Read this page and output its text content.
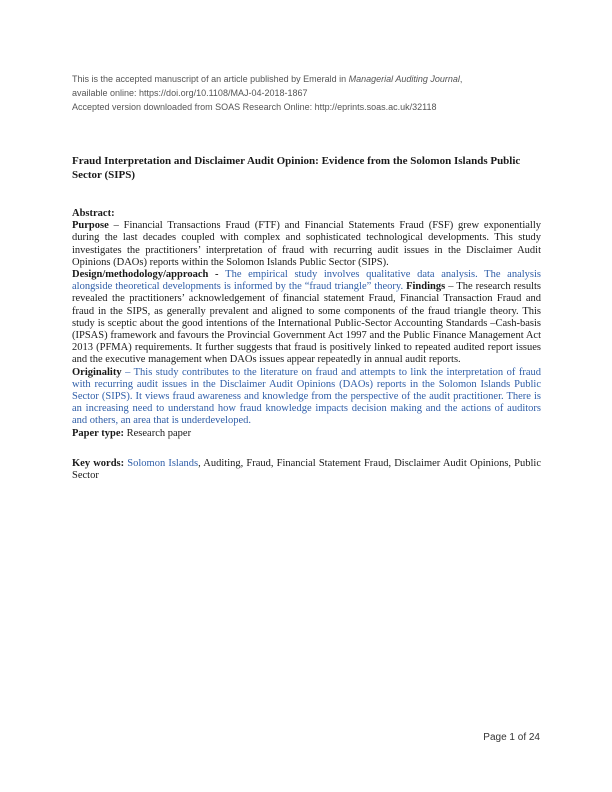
This is the accepted manuscript of an article published by Emerald in Managerial Auditing Journal,

available online: https://doi.org/10.1108/MAJ-04-2018-1867

Accepted version downloaded from SOAS Research Online: http://eprints.soas.ac.uk/32118

Fraud Interpretation and Disclaimer Audit Opinion: Evidence from the Solomon Islands Public Sector (SIPS)

Abstract:

Purpose – Financial Transactions Fraud (FTF) and Financial Statements Fraud (FSF) grew exponentially during the last decades coupled with complex and sophisticated technological developments. This study investigates the practitioners’ interpretation of fraud with recurring audit issues in the Disclaimer Audit Opinions (DAOs) reports within the Solomon Islands Public Sector (SIPS).

Design/methodology/approach - The empirical study involves qualitative data analysis. The analysis alongside theoretical developments is informed by the “fraud triangle” theory. Findings – The research results revealed the practitioners’ acknowledgement of financial statement Fraud, Financial Transaction Fraud and fraud in the SIPS, as generally prevalent and aligned to some components of the fraud triangle theory. This study is sceptic about the good intentions of the International Public-Sector Accounting Standards –Cash-basis (IPSAS) framework and favours the Provincial Government Act 1997 and the Public Finance Management Act 2013 (PFMA) requirements. It further suggests that fraud is positively linked to repeated audited report issues and the executive management when DAOs issues appear repeatedly in annual audit reports.

Originality – This study contributes to the literature on fraud and attempts to link the interpretation of fraud with recurring audit issues in the Disclaimer Audit Opinions (DAOs) reports in the Solomon Islands Public Sector (SIPS). It views fraud awareness and knowledge from the perspective of the audit practitioner. There is an increasing need to understand how fraud knowledge impacts decision making and the actions of auditors and others, an area that is underdeveloped.

Paper type: Research paper

Key words: Solomon Islands, Auditing, Fraud, Financial Statement Fraud, Disclaimer Audit Opinions, Public Sector

Page 1 of 24
